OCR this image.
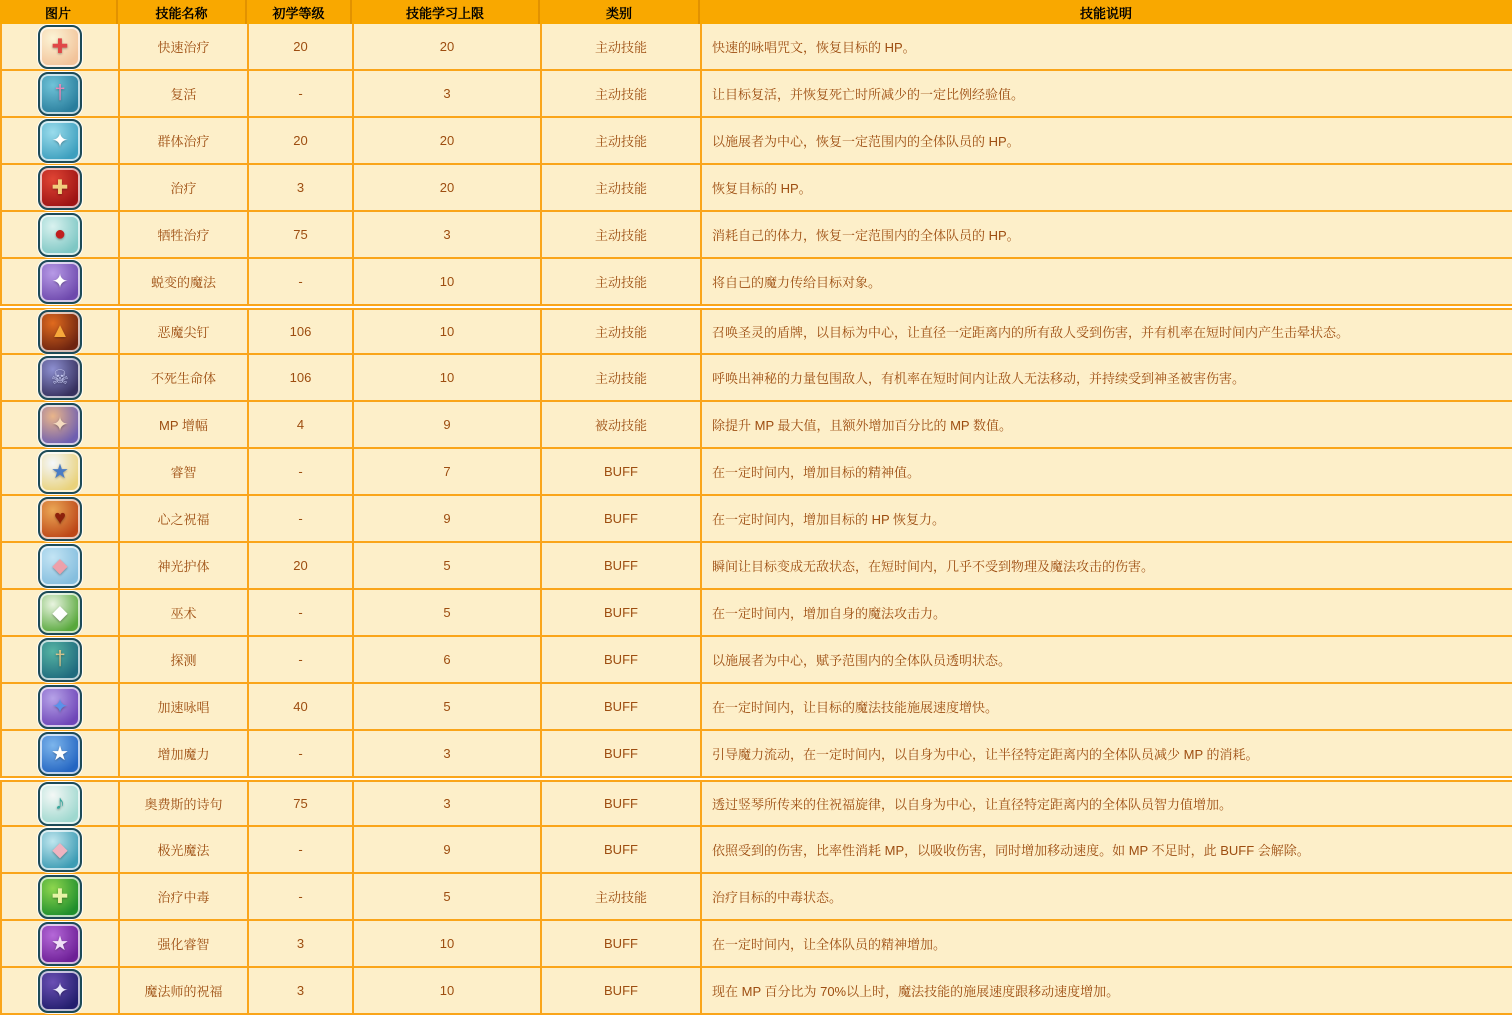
图片	技能名称	初学等级	技能学习上限	类别	技能说明
✚	快速治疗	20	20	主动技能	快速的咏唱咒文，恢复目标的 HP。
†	复活	-	3	主动技能	让目标复活，并恢复死亡时所减少的一定比例经验值。
✦	群体治疗	20	20	主动技能	以施展者为中心，恢复一定范围内的全体队员的 HP。
✚	治疗	3	20	主动技能	恢复目标的 HP。
●	牺牲治疗	75	3	主动技能	消耗自己的体力，恢复一定范围内的全体队员的 HP。
✦	蜕变的魔法	-	10	主动技能	将自己的魔力传给目标对象。
▲	恶魔尖钉	106	10	主动技能	召唤圣灵的盾牌，以目标为中心，让直径一定距离内的所有敌人受到伤害，并有机率在短时间内产生击晕状态。
☠	不死生命体	106	10	主动技能	呼唤出神秘的力量包围敌人，有机率在短时间内让敌人无法移动，并持续受到神圣被害伤害。
✦	MP 增幅	4	9	被动技能	除提升 MP 最大值，且额外增加百分比的 MP 数值。
★	睿智	-	7	BUFF	在一定时间内，增加目标的精神值。
♥	心之祝福	-	9	BUFF	在一定时间内，增加目标的 HP 恢复力。
◆	神光护体	20	5	BUFF	瞬间让目标变成无敌状态，在短时间内，几乎不受到物理及魔法攻击的伤害。
◆	巫术	-	5	BUFF	在一定时间内，增加自身的魔法攻击力。
†	探测	-	6	BUFF	以施展者为中心，赋予范围内的全体队员透明状态。
✦	加速咏唱	40	5	BUFF	在一定时间内，让目标的魔法技能施展速度增快。
★	增加魔力	-	3	BUFF	引导魔力流动，在一定时间内，以自身为中心，让半径特定距离内的全体队员减少 MP 的消耗。
♪	奥费斯的诗句	75	3	BUFF	透过竖琴所传来的住祝福旋律，以自身为中心，让直径特定距离内的全体队员智力值增加。
◆	极光魔法	-	9	BUFF	依照受到的伤害，比率性消耗 MP，以吸收伤害，同时增加移动速度。如 MP 不足时，此 BUFF 会解除。
✚	治疗中毒	-	5	主动技能	治疗目标的中毒状态。
★	强化睿智	3	10	BUFF	在一定时间内，让全体队员的精神增加。
✦	魔法师的祝福	3	10	BUFF	现在 MP 百分比为 70%以上时，魔法技能的施展速度跟移动速度增加。
